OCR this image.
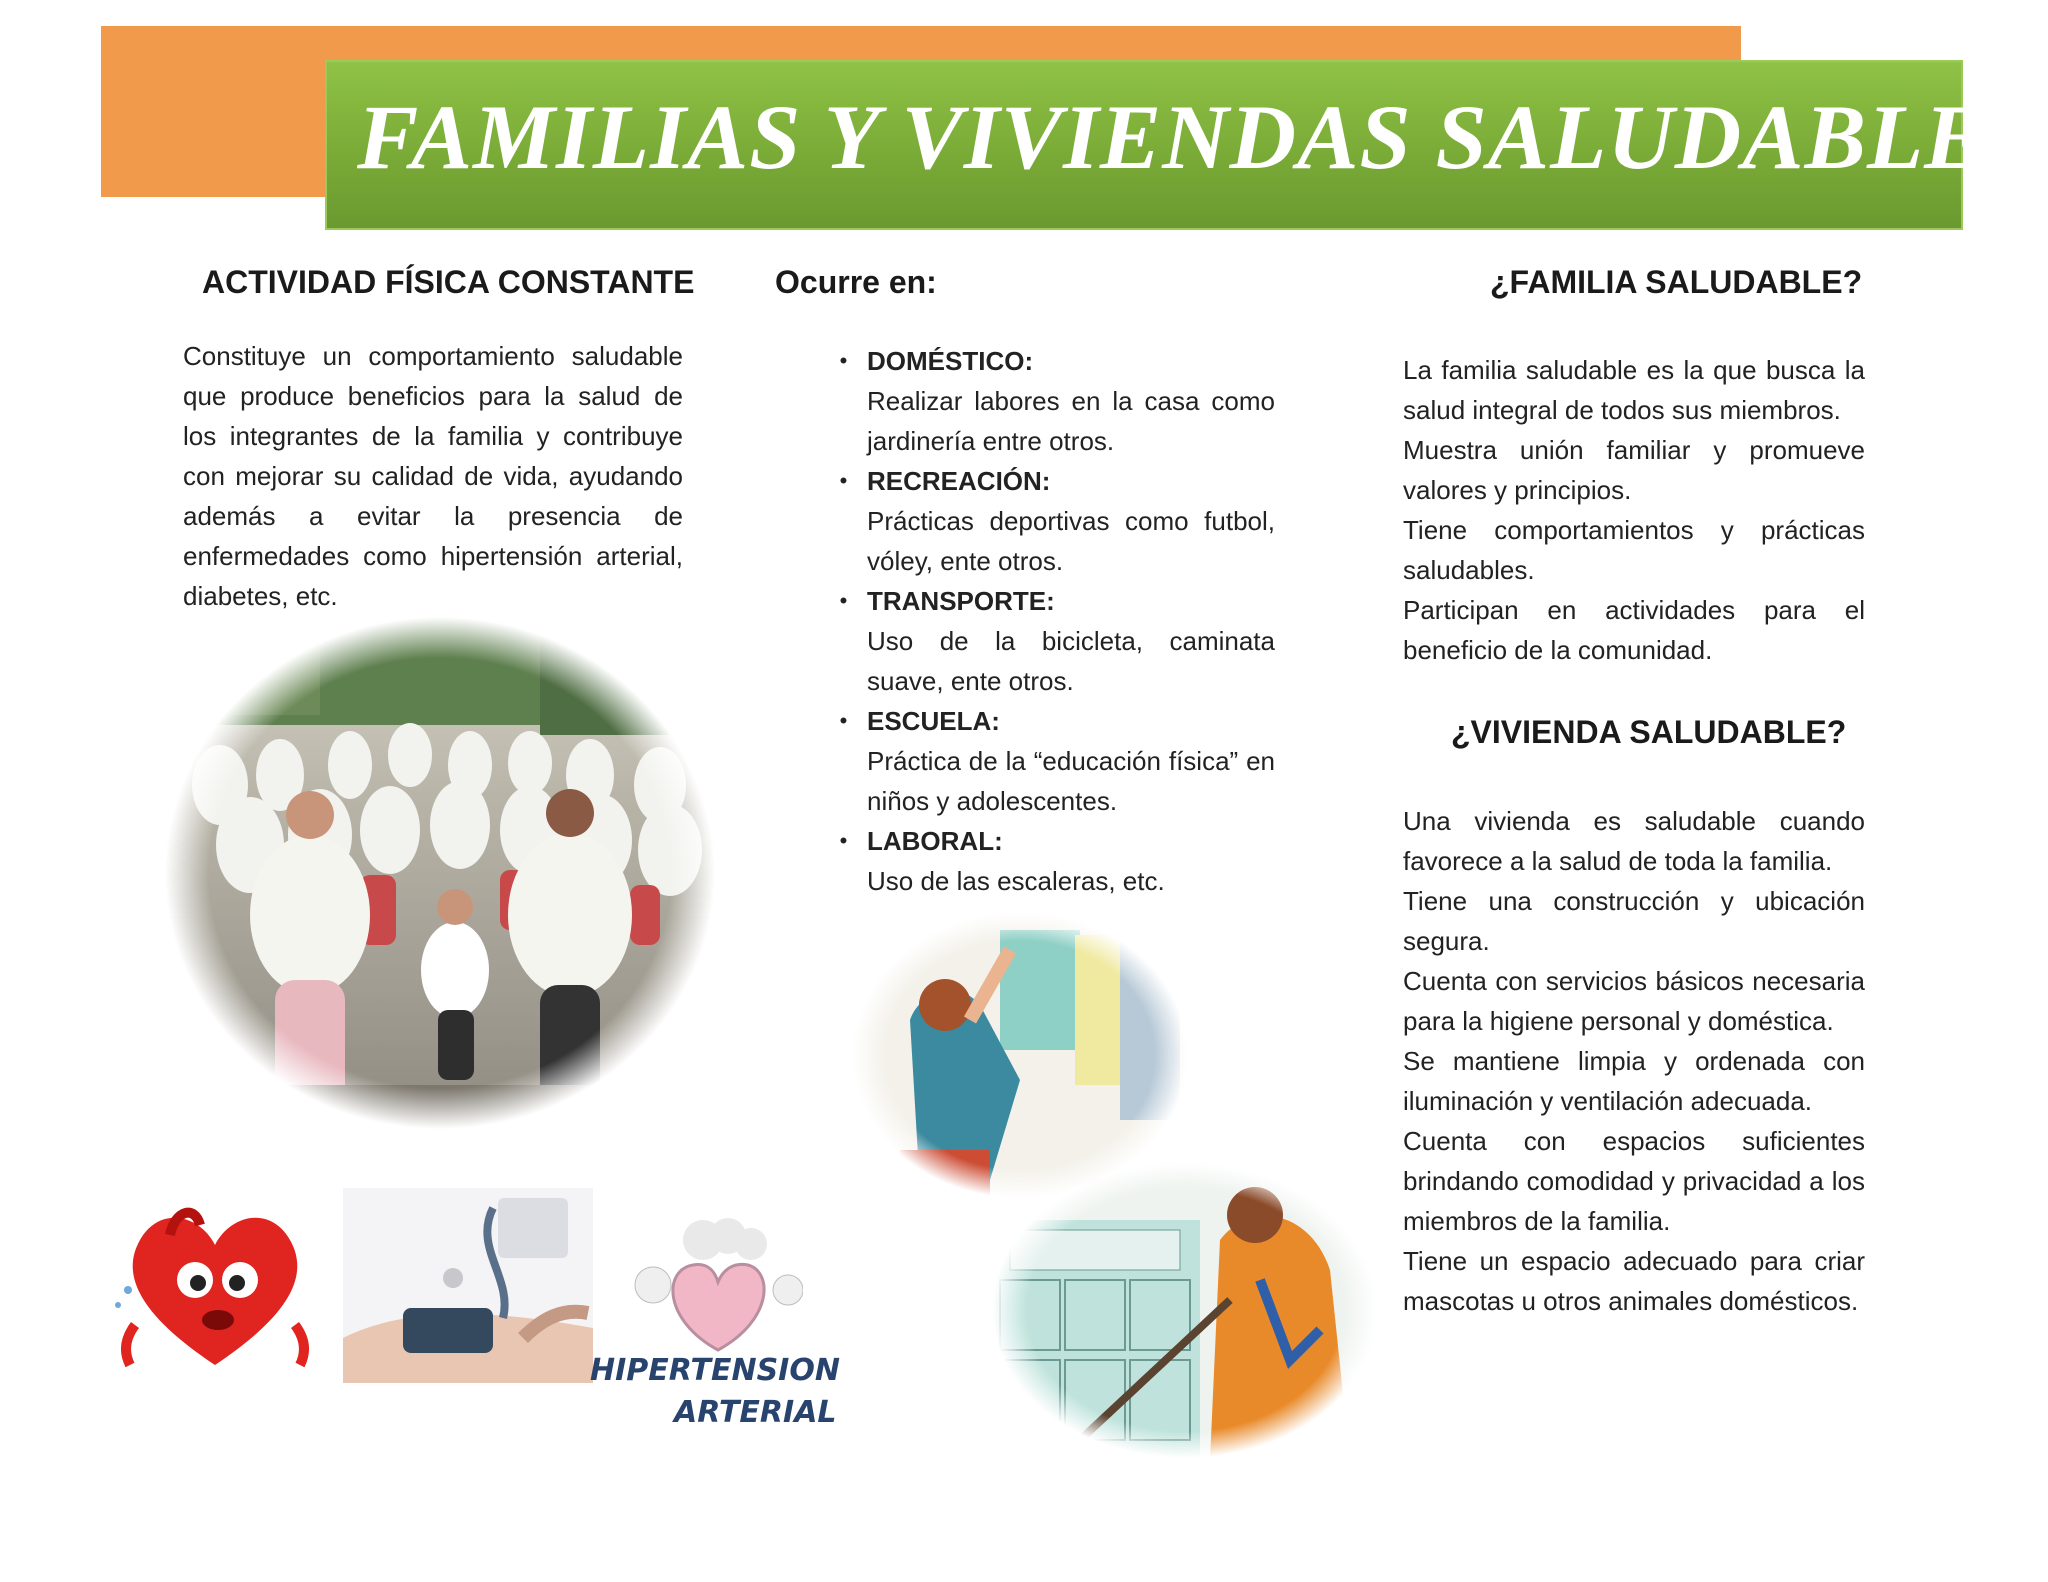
FAMILIAS Y VIVIENDAS SALUDABLES
ACTIVIDAD FÍSICA CONSTANTE

Constituye un comportamiento saludable que produce beneficios para la salud de los integrantes de la familia y contribuye con mejorar su calidad de vida, ayudando además a evitar la presencia de enfermedades como hipertensión arterial, diabetes, etc.

HIPERTENSION
ARTERIAL
Ocurre en:
• DOMÉSTICO:
Realizar labores en la casa como jardinería entre otros.
• RECREACIÓN:
Prácticas deportivas como futbol, vóley, ente otros.
• TRANSPORTE:
Uso de la bicicleta, caminata suave, ente otros.
• ESCUELA:
Práctica de la “educación física” en niños y adolescentes.
• LABORAL:
Uso de las escaleras, etc.
¿FAMILIA SALUDABLE?

La familia saludable es la que busca la salud integral de todos sus miembros.

Muestra unión familiar y promueve valores y principios.

Tiene comportamientos y prácticas saludables.

Participan en actividades para el beneficio de la comunidad.

¿VIVIENDA SALUDABLE?

Una vivienda es saludable cuando favorece a la salud de toda la familia.

Tiene una construcción y ubicación segura.

Cuenta con servicios básicos necesaria para la higiene personal y doméstica.

Se mantiene limpia y ordenada con iluminación y ventilación adecuada.

Cuenta con espacios suficientes brindando comodidad y privacidad a los miembros de la familia.

Tiene un espacio adecuado para criar mascotas u otros animales domésticos.
